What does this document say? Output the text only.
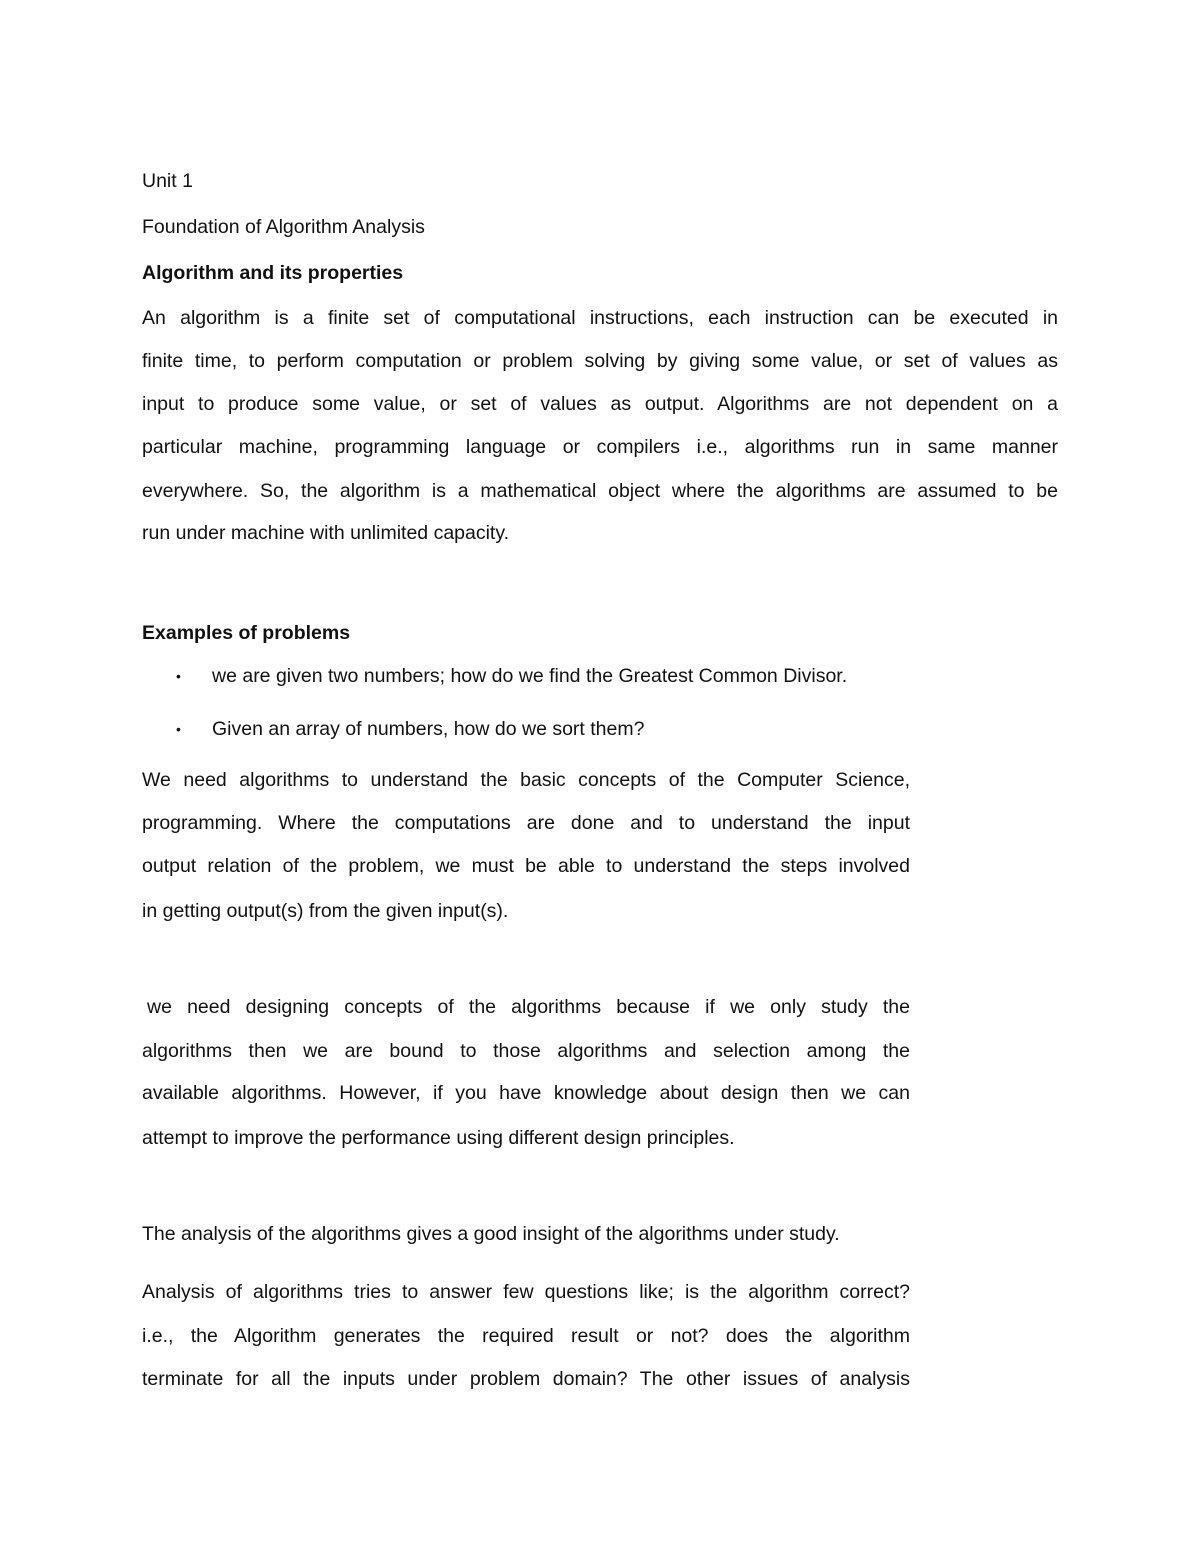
Unit 1
Foundation of Algorithm Analysis
Algorithm and its properties
An algorithm is a finite set of computational instructions, each instruction can be executed in
finite time, to perform computation or problem solving by giving some value, or set of values as
input to produce some value, or set of values as output. Algorithms are not dependent on a
particular machine, programming language or compilers i.e., algorithms run in same manner
everywhere. So, the algorithm is a mathematical object where the algorithms are assumed to be
run under machine with unlimited capacity.
Examples of problems
• we are given two numbers; how do we find the Greatest Common Divisor.
• Given an array of numbers, how do we sort them?
We need algorithms to understand the basic concepts of the Computer Science,
programming. Where the computations are done and to understand the input
output relation of the problem, we must be able to understand the steps involved
in getting output(s) from the given input(s).
we need designing concepts of the algorithms because if we only study the
algorithms then we are bound to those algorithms and selection among the
available algorithms. However, if you have knowledge about design then we can
attempt to improve the performance using different design principles.
The analysis of the algorithms gives a good insight of the algorithms under study.
Analysis of algorithms tries to answer few questions like; is the algorithm correct?
i.e., the Algorithm generates the required result or not? does the algorithm
terminate for all the inputs under problem domain? The other issues of analysis
